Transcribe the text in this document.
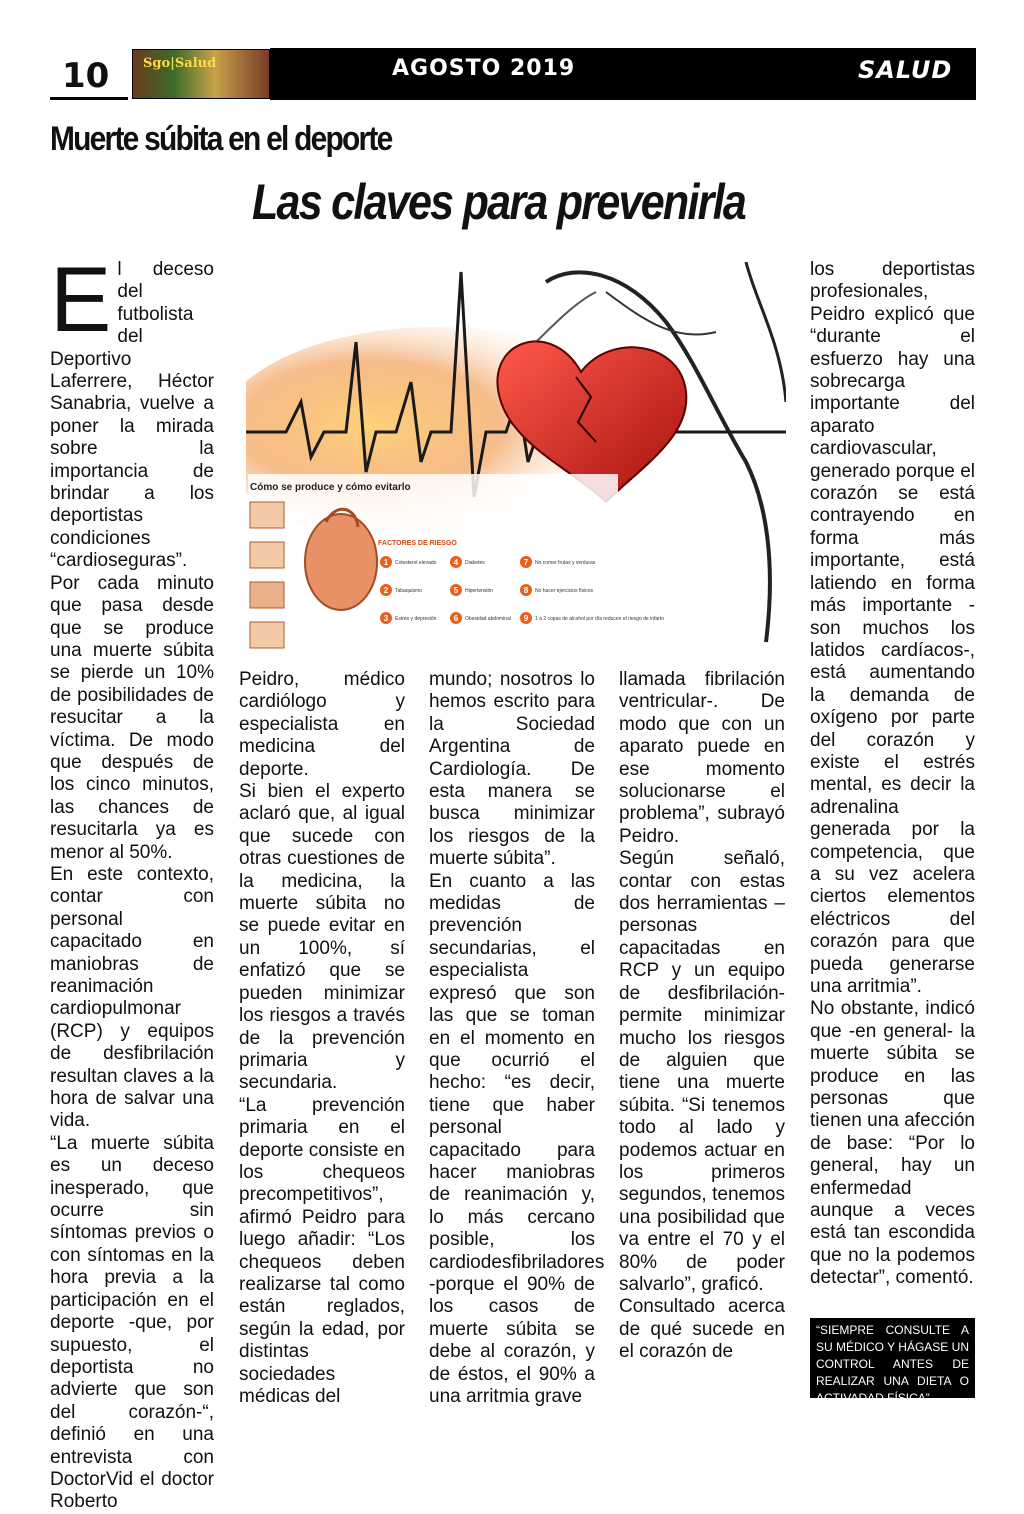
10	Sgo|Salud	AGOSTO 2019	SALUD
Muerte súbita en el deporte
Las claves para prevenirla
E l deceso del futbolista del Deportivo Laferrere, Héctor Sanabria, vuelve a poner la mirada sobre la importancia de brindar a los deportistas condiciones “cardioseguras”.
Por cada minuto que pasa desde que se produce una muerte súbita se pierde un 10% de posibilidades de resucitar a la víctima. De modo que después de los cinco minutos, las chances de resucitarla ya es menor al 50%.
En este contexto, contar con personal capacitado en maniobras de reanimación cardiopulmonar (RCP) y equipos de desfibrilación resultan claves a la hora de salvar una vida.
“La muerte súbita es un deceso inesperado, que ocurre sin síntomas previos o con síntomas en la hora previa a la participación en el deporte -que, por supuesto, el deportista no advierte que son del corazón-“, definió en una entrevista con DoctorVid el doctor Roberto
Cómo se produce y cómo evitarlo
FACTORES DE RIESGO
1 Colesterol elevado
2 Tabaquismo
3 Estrés y depresión
4 Diabetes
5 Hipertensión
6 Obesidad abdominal
7 No comer frutas y verduras
8 No hacer ejercicios físicos
9 1 a 2 copas de alcohol por día reducen el riesgo de infarto
Peidro, médico cardiólogo y especialista en medicina del deporte.
Si bien el experto aclaró que, al igual que sucede con otras cuestiones de la medicina, la muerte súbita no se puede evitar en un 100%, sí enfatizó que se pueden minimizar los riesgos a través de la prevención primaria y secundaria.
“La prevención primaria en el deporte consiste en los chequeos precompetitivos”, afirmó Peidro para luego añadir: “Los chequeos deben realizarse tal como están reglados, según la edad, por distintas sociedades médicas del
mundo; nosotros lo hemos escrito para la Sociedad Argentina de Cardiología. De esta manera se busca minimizar los riesgos de la muerte súbita”.
En cuanto a las medidas de prevención secundarias, el especialista expresó que son las que se toman en el momento en que ocurrió el hecho: “es decir, tiene que haber personal capacitado para hacer maniobras de reanimación y, lo más cercano posible, los cardiodesfibriladores -porque el 90% de los casos de muerte súbita se debe al corazón, y de éstos, el 90% a una arritmia grave
llamada fibrilación ventricular-. De modo que con un aparato puede en ese momento solucionarse el problema”, subrayó Peidro.
Según señaló, contar con estas dos herramientas –personas capacitadas en RCP y un equipo de desfibrilación- permite minimizar mucho los riesgos de alguien que tiene una muerte súbita. “Si tenemos todo al lado y podemos actuar en los primeros segundos, tenemos una posibilidad que va entre el 70 y el 80% de poder salvarlo”, graficó.
Consultado acerca de qué sucede en el corazón de
los deportistas profesionales, Peidro explicó que “durante el esfuerzo hay una sobrecarga importante del aparato cardiovascular, generado porque el corazón se está contrayendo en forma más importante, está latiendo en forma más importante -son muchos los latidos cardíacos-, está aumentando la demanda de oxígeno por parte del corazón y existe el estrés mental, es decir la adrenalina generada por la competencia, que a su vez acelera ciertos elementos eléctricos del corazón para que pueda generarse una arritmia”.
No obstante, indicó que -en general- la muerte súbita se produce en las personas que tienen una afección de base: “Por lo general, hay un enfermedad aunque a veces está tan escondida que no la podemos detectar”, comentó.
“SIEMPRE CONSULTE A SU MÉDICO Y HÁGASE UN CONTROL ANTES DE REALIZAR UNA DIETA O ACTIVADAD FÍSICA”
